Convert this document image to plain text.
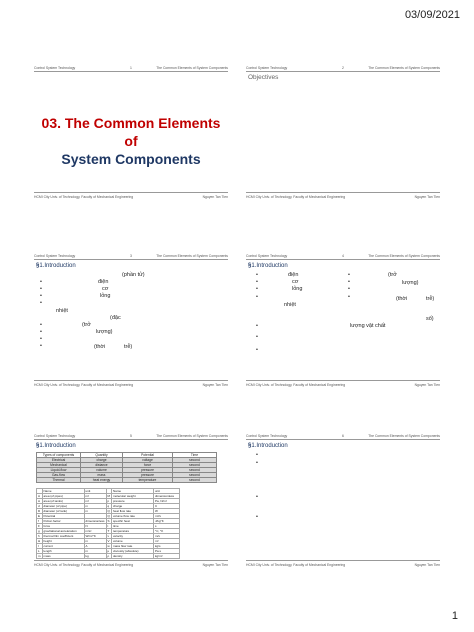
03/09/2021
Control System Technology	1	The Common Elements of System Components
03. The Common Elements of
System Components
HCMI City Univ. of Technology, Faculty of Mechanical Engineering	Nguyen Tan Tien
Control System Technology	2	The Common Elements of System Components
Objectives
HCMI City Univ. of Technology, Faculty of Mechanical Engineering	Nguyen Tan Tien
Control System Technology	3	The Common Elements of System Components
§1.Introduction
(phần tử)
•	điện
•	cơ
•	lỏng
•
nhiệt
(đặc
•	(trở
•	lượng)
•
•	(thời	trễ)
HCMI City Univ. of Technology, Faculty of Mechanical Engineering	Nguyen Tan Tien
Control System Technology	4	The Common Elements of System Components
§1.Introduction
•	điện
•	cơ
•	lỏng
•
nhiệt
•	(trở
•	lượng)
•
•	(thời	trễ)
số)
•	lượng vật chất
•
•
HCMI City Univ. of Technology, Faculty of Mechanical Engineering	Nguyen Tan Tien
Control System Technology	5	The Common Elements of System Components
§1.Introduction
Types of components	Quantity	Potential	Time
Electrical	charge	voltage	second
Mechanical	distance	force	second
Liquid-flow	volume	pressure	second
Gas-flow	mass	pressure	second
Thermal	heat energy	temperature	second
	Name	unit		Name	unit
A	area (of pipes)	m²	M	molecular weight	dimensionless
A	area (of tanks)	m²	p	pressure	Pa, N/m²
d	diameter (of pipe)	m	q	charge	C
D	diameter (of tank)	m	Q	heat flow rate	W
E	Potential		Q	volume flow rate	m³/s
f	friction factor	dimensionless	S	specific heat	J/kg°K
F	force	N	t	time	s
g	gravitational acceleration	m/s²	T	temperature	°C, °K
h	thermal film coefficient	W/m²°K	v	velocity	m/s
H	height	m	V	volume	m³
I	current	A	w	mass flow rate	kg/s
L	length	m	μ	viscosity (absolute)	Pa.s
m	mass	kg	ρ	density	kg/m³
HCMI City Univ. of Technology, Faculty of Mechanical Engineering	Nguyen Tan Tien
Control System Technology	6	The Common Elements of System Components
§1.Introduction
•
•
•
•
HCMI City Univ. of Technology, Faculty of Mechanical Engineering	Nguyen Tan Tien
1
